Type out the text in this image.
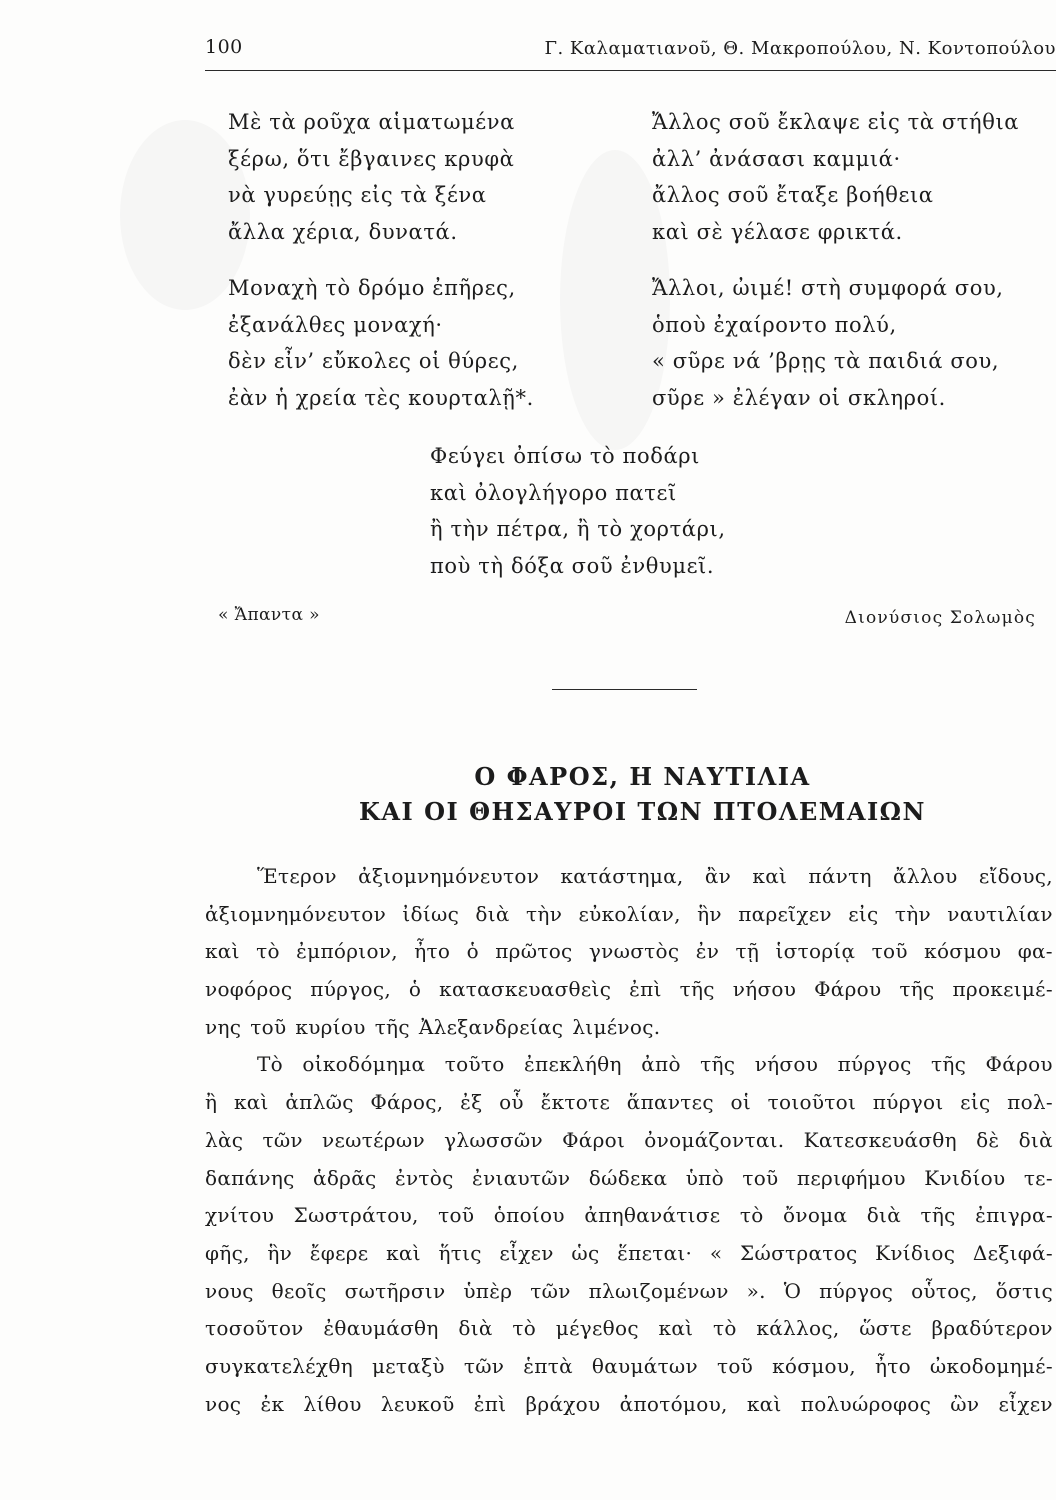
100	Γ. Καλαματιανοῦ, Θ. Μακροπούλου, Ν. Κοντοπούλου
Μὲ τὰ ροῦχα αἱματωμένα
ξέρω, ὅτι ἔβγαινες κρυφὰ
νὰ γυρεύῃς εἰς τὰ ξένα
ἄλλα χέρια, δυνατά.
Μοναχὴ τὸ δρόμο ἐπῆρες,
ἐξανάλθες μοναχή·
δὲν εἶν’ εὔκολες οἱ θύρες,
ἐὰν ἡ χρεία τὲς κουρταλῇ*.
Ἄλλος σοῦ ἔκλαψε εἰς τὰ στήθια
ἀλλ’ ἀνάσασι καμμιά·
ἄλλος σοῦ ἔταξε βοήθεια
καὶ σὲ γέλασε φρικτά.
Ἄλλοι, ὠιμέ! στὴ συμφορά σου,
ὁποὺ ἐχαίροντο πολύ,
« σῦρε νά ’βρῃς τὰ παιδιά σου,
σῦρε » ἐλέγαν οἱ σκληροί.
Φεύγει ὀπίσω τὸ ποδάρι
καὶ ὀλογλήγορο πατεῖ
ἢ τὴν πέτρα, ἢ τὸ χορτάρι,
ποὺ τὴ δόξα σοῦ ἐνθυμεῖ.
« Ἄπαντα »	Διονύσιος Σολωμὸς
Ο ΦΑΡΟΣ, Η ΝΑΥΤΙΛΙΑ
ΚΑΙ ΟΙ ΘΗΣΑΥΡΟΙ ΤΩΝ ΠΤΟΛΕΜΑΙΩΝ
Ἕτερον ἀξιομνημόνευτον κατάστημα, ἂν καὶ πάντη ἄλλου εἴδους,
ἀξιομνημόνευτον ἰδίως διὰ τὴν εὐκολίαν, ἣν παρεῖχεν εἰς τὴν ναυτιλίαν
καὶ τὸ ἐμπόριον, ἦτο ὁ πρῶτος γνωστὸς ἐν τῇ ἱστορίᾳ τοῦ κόσμου φα-
νοφόρος πύργος, ὁ κατασκευασθεὶς ἐπὶ τῆς νήσου Φάρου τῆς προκειμέ-
νης τοῦ κυρίου τῆς Ἀλεξανδρείας λιμένος.
Τὸ οἰκοδόμημα τοῦτο ἐπεκλήθη ἀπὸ τῆς νήσου πύργος τῆς Φάρου
ἢ καὶ ἁπλῶς Φάρος, ἐξ οὗ ἔκτοτε ἅπαντες οἱ τοιοῦτοι πύργοι εἰς πολ-
λὰς τῶν νεωτέρων γλωσσῶν Φάροι ὀνομάζονται. Κατεσκευάσθη δὲ διὰ
δαπάνης ἁδρᾶς ἐντὸς ἐνιαυτῶν δώδεκα ὑπὸ τοῦ περιφήμου Κνιδίου τε-
χνίτου Σωστράτου, τοῦ ὁποίου ἀπηθανάτισε τὸ ὄνομα διὰ τῆς ἐπιγρα-
φῆς, ἣν ἔφερε καὶ ἥτις εἶχεν ὡς ἕπεται· « Σώστρατος Κνίδιος Δεξιφά-
νους θεοῖς σωτῆρσιν ὑπὲρ τῶν πλωιζομένων ». Ὁ πύργος οὗτος, ὅστις
τοσοῦτον ἐθαυμάσθη διὰ τὸ μέγεθος καὶ τὸ κάλλος, ὥστε βραδύτερον
συγκατελέχθη μεταξὺ τῶν ἑπτὰ θαυμάτων τοῦ κόσμου, ἦτο ὠκοδομημέ-
νος ἐκ λίθου λευκοῦ ἐπὶ βράχου ἀποτόμου, καὶ πολυώροφος ὢν εἶχεν
